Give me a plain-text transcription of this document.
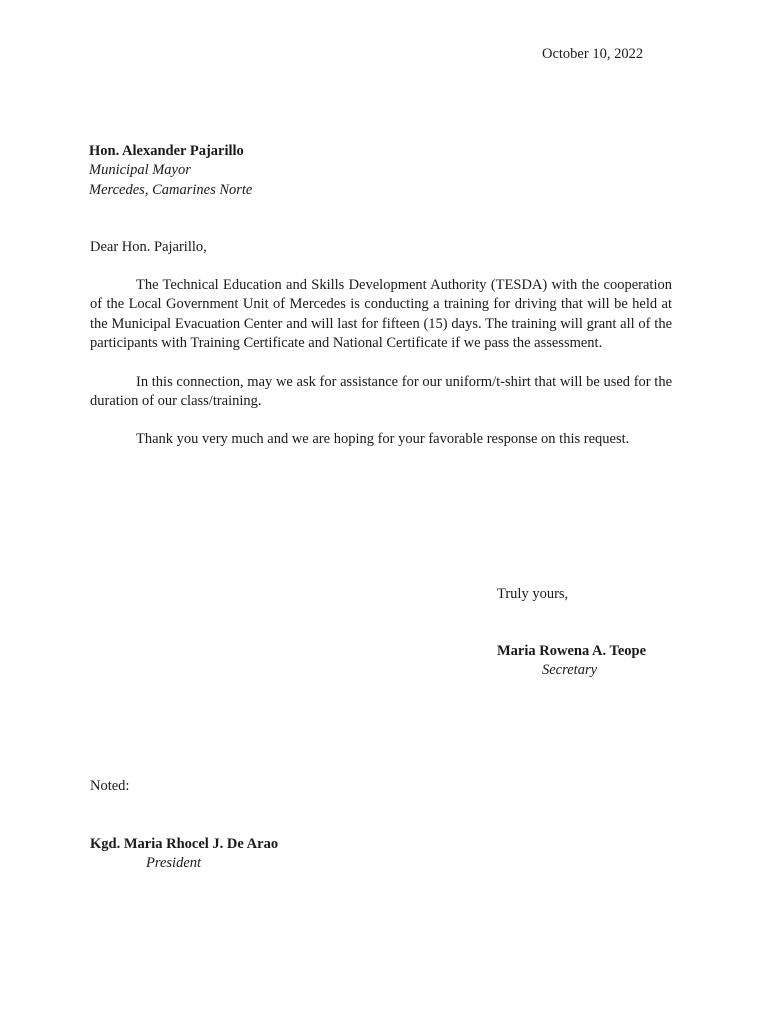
October 10, 2022
Hon. Alexander Pajarillo
Municipal Mayor
Mercedes, Camarines Norte
Dear Hon. Pajarillo,

The Technical Education and Skills Development Authority (TESDA) with the cooperation of the Local Government Unit of Mercedes is conducting a training for driving that will be held at the Municipal Evacuation Center and will last for fifteen (15) days. The training will grant all of the participants with Training Certificate and National Certificate if we pass the assessment.

In this connection, may we ask for assistance for our uniform/t-shirt that will be used for the duration of our class/training.

Thank you very much and we are hoping for your favorable response on this request.

Truly yours,
Maria Rowena A. Teope
Secretary
Noted:
Kgd. Maria Rhocel J. De Arao
President
